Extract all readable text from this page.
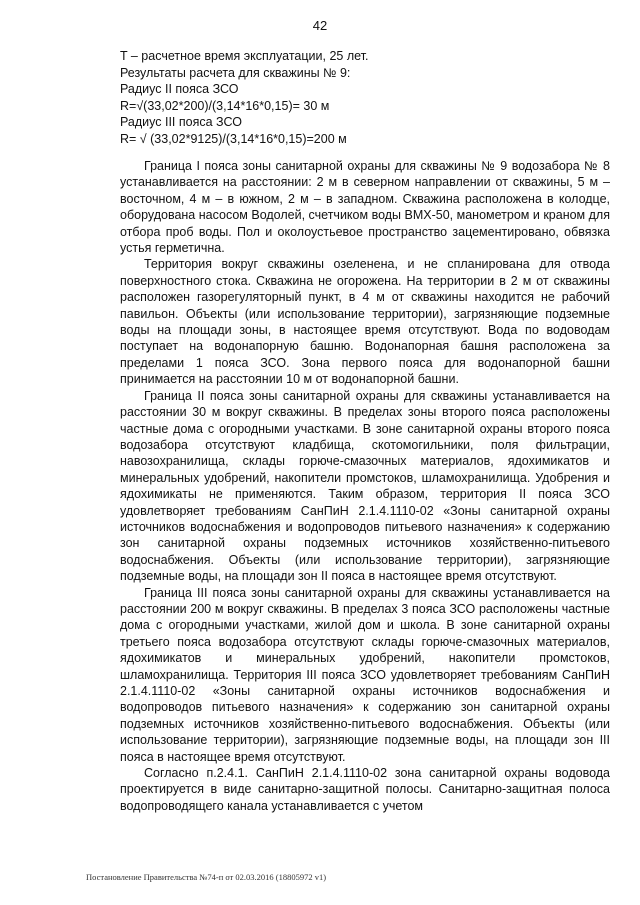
42
T – расчетное время эксплуатации, 25 лет.
Результаты расчета для скважины № 9:
Радиус II пояса ЗСО
R=√(33,02*200)/(3,14*16*0,15)= 30 м
Радиус III пояса ЗСО
R= √ (33,02*9125)/(3,14*16*0,15)=200 м

Граница I пояса зоны санитарной охраны для скважины № 9 водозабора № 8 устанавливается на расстоянии: 2 м в северном направлении от скважины, 5 м – восточном, 4 м – в южном, 2 м – в западном. Скважина расположена в колодце, оборудована насосом Водолей, счетчиком воды ВМХ-50, манометром и краном для отбора проб воды. Пол и околоустьевое пространство зацементировано, обвязка устья герметична.

Территория вокруг скважины озеленена, и не спланирована для отвода поверхностного стока. Скважина не огорожена. На территории в 2 м от скважины расположен газорегуляторный пункт, в 4 м от скважины находится не рабочий павильон. Объекты (или использование территории), загрязняющие подземные воды на площади зоны, в настоящее время отсутствуют. Вода по водоводам поступает на водонапорную башню. Водонапорная башня расположена за пределами 1 пояса ЗСО. Зона первого пояса для водонапорной башни принимается на расстоянии 10 м от водонапорной башни.

Граница II пояса зоны санитарной охраны для скважины устанавливается на расстоянии 30 м вокруг скважины. В пределах зоны второго пояса расположены частные дома с огородными участками. В зоне санитарной охраны второго пояса водозабора отсутствуют кладбища, скотомогильники, поля фильтрации, навозохранилища, склады горюче-смазочных материалов, ядохимикатов и минеральных удобрений, накопители промстоков, шламохранилища. Удобрения и ядохимикаты не применяются. Таким образом, территория II пояса ЗСО удовлетворяет требованиям СанПиН 2.1.4.1110-02 «Зоны санитарной охраны источников водоснабжения и водопроводов питьевого назначения» к содержанию зон санитарной охраны подземных источников хозяйственно-питьевого водоснабжения. Объекты (или использование территории), загрязняющие подземные воды, на площади зон II пояса в настоящее время отсутствуют.

Граница III пояса зоны санитарной охраны для скважины устанавливается на расстоянии 200 м вокруг скважины. В пределах 3 пояса ЗСО расположены частные дома с огородными участками, жилой дом и школа. В зоне санитарной охраны третьего пояса водозабора отсутствуют склады горюче-смазочных материалов, ядохимикатов и минеральных удобрений, накопители промстоков, шламохранилища. Территория III пояса ЗСО удовлетворяет требованиям СанПиН 2.1.4.1110-02 «Зоны санитарной охраны источников водоснабжения и водопроводов питьевого назначения» к содержанию зон санитарной охраны подземных источников хозяйственно-питьевого водоснабжения. Объекты (или использование территории), загрязняющие подземные воды, на площади зон III пояса в настоящее время отсутствуют.

Согласно п.2.4.1. СанПиН 2.1.4.1110-02 зона санитарной охраны водовода проектируется в виде санитарно-защитной полосы. Санитарно-защитная полоса водопроводящего канала устанавливается с учетом

Постановление Правительства №74-п от 02.03.2016 (18805972 v1)
